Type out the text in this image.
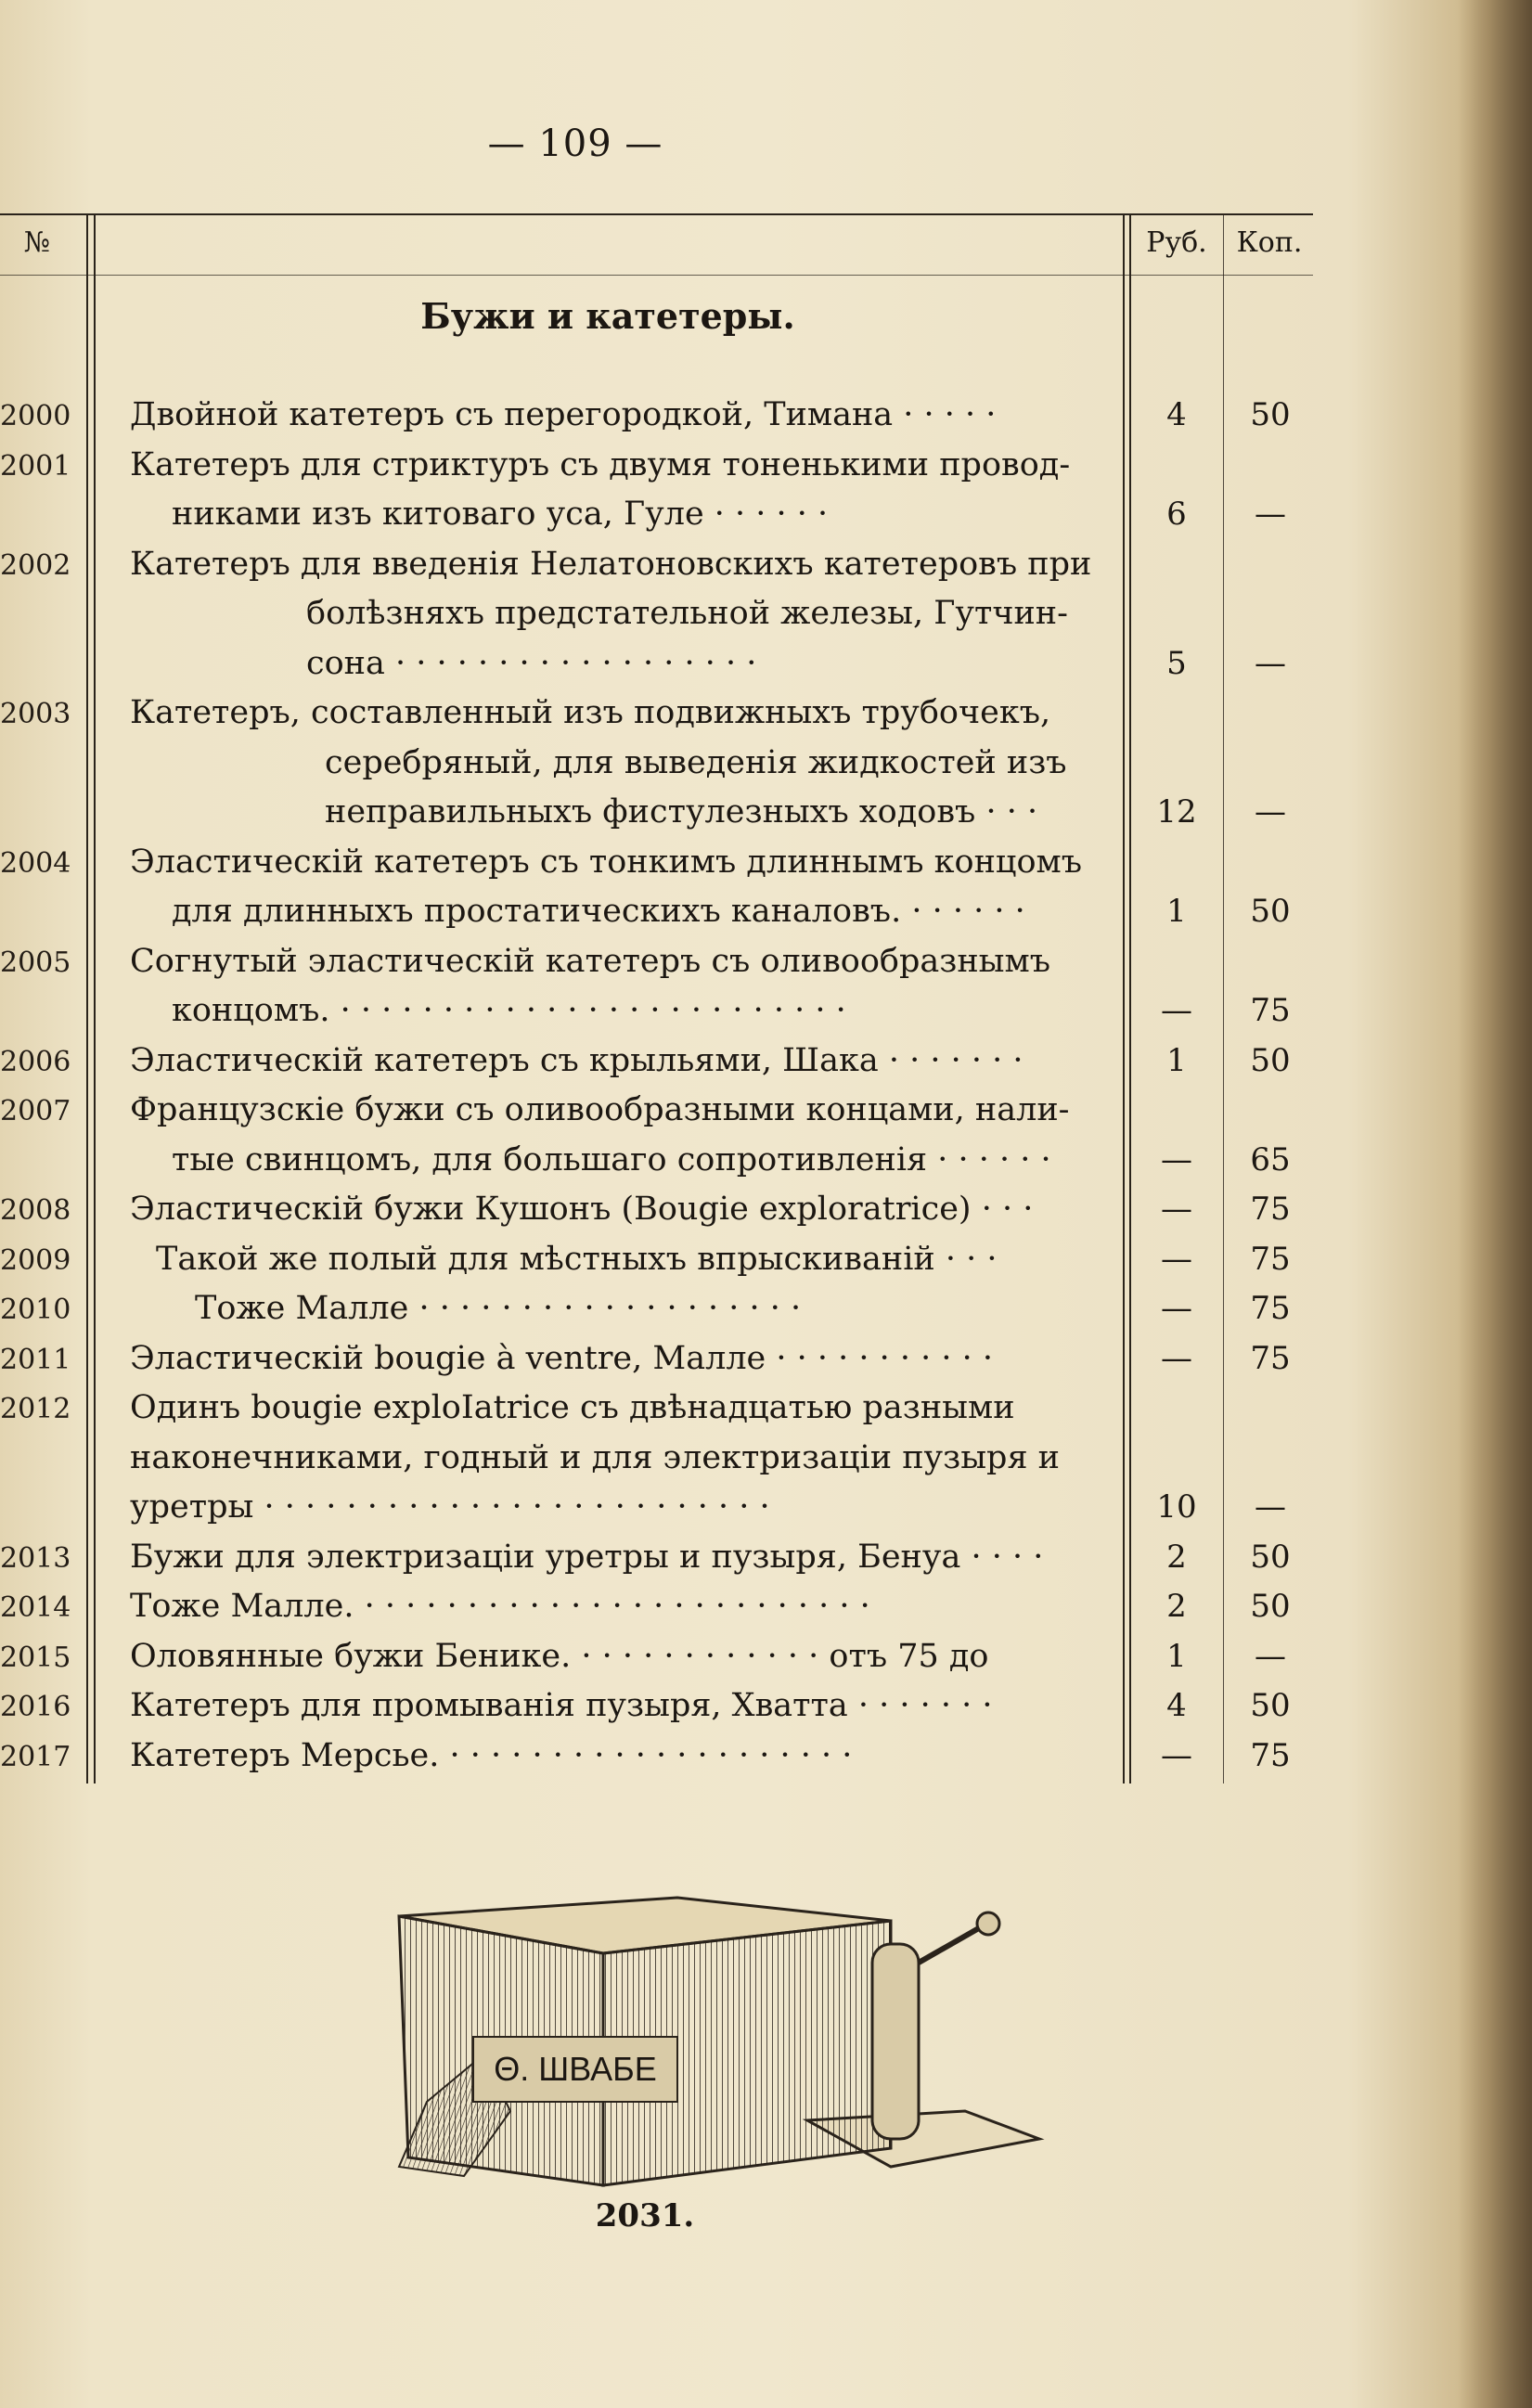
— 109 —
№	Руб.	Коп.
Бужи и катетеры.
2000 Двойной катетеръ съ перегородкой, Тимана · · · · ·	4	50
2001 Катетеръ для стриктуръ съ двумя тоненькими провод-
никами изъ китоваго уса, Гуле · · · · · ·	6	—
2002 Катетеръ для введенія Нелатоновскихъ катетеровъ при
болѣзняхъ предстательной железы, Гутчин-
сона · · · · · · · · · · · · · · · · · ·	5	—
2003 Катетеръ, составленный изъ подвижныхъ трубочекъ,
серебряный, для выведенія жидкостей изъ
неправильныхъ фистулезныхъ ходовъ · · ·	12	—
2004 Эластическій катетеръ съ тонкимъ длиннымъ концомъ
для длинныхъ простатическихъ каналовъ. · · · · · ·	1	50
2005 Согнутый эластическій катетеръ съ оливообразнымъ
концомъ. · · · · · · · · · · · · · · · · · · · · · · · · ·	—	75
2006 Эластическій катетеръ съ крыльями, Шака · · · · · · ·	1	50
2007 Французскіе бужи съ оливообразными концами, нали-
тые свинцомъ, для большаго сопротивленія · · · · · ·	—	65
2008 Эластическій бужи Кушонъ (Bougie exploratrice) · · ·	—	75
2009	Такой же полый для мѣстныхъ впрыскиваній · · ·	—	75
2010	Тоже Малле · · · · · · · · · · · · · · · · · · ·	—	75
2011 Эластическій bougie à ventre, Малле · · · · · · · · · · ·	—	75
2012 Одинъ bougie exploIatrice съ двѣнадцатью разными
наконечниками, годный и для электризаціи пузыря и
уретры · · · · · · · · · · · · · · · · · · · · · · · · ·	10	—
2013 Бужи для электризаціи уретры и пузыря, Бенуа · · · ·	2	50
2014 Тоже Малле. · · · · · · · · · · · · · · · · · · · · · · · · ·	2	50
2015 Оловянные бужи Бенике. · · · · · · · · · · · · отъ 75 до	1	—
2016 Катетеръ для промыванія пузыря, Хватта · · · · · · ·	4	50
2017 Катетеръ Мерсье. · · · · · · · · · · · · · · · · · · · ·	—	75
Θ. ШВАБЕ
2031.
